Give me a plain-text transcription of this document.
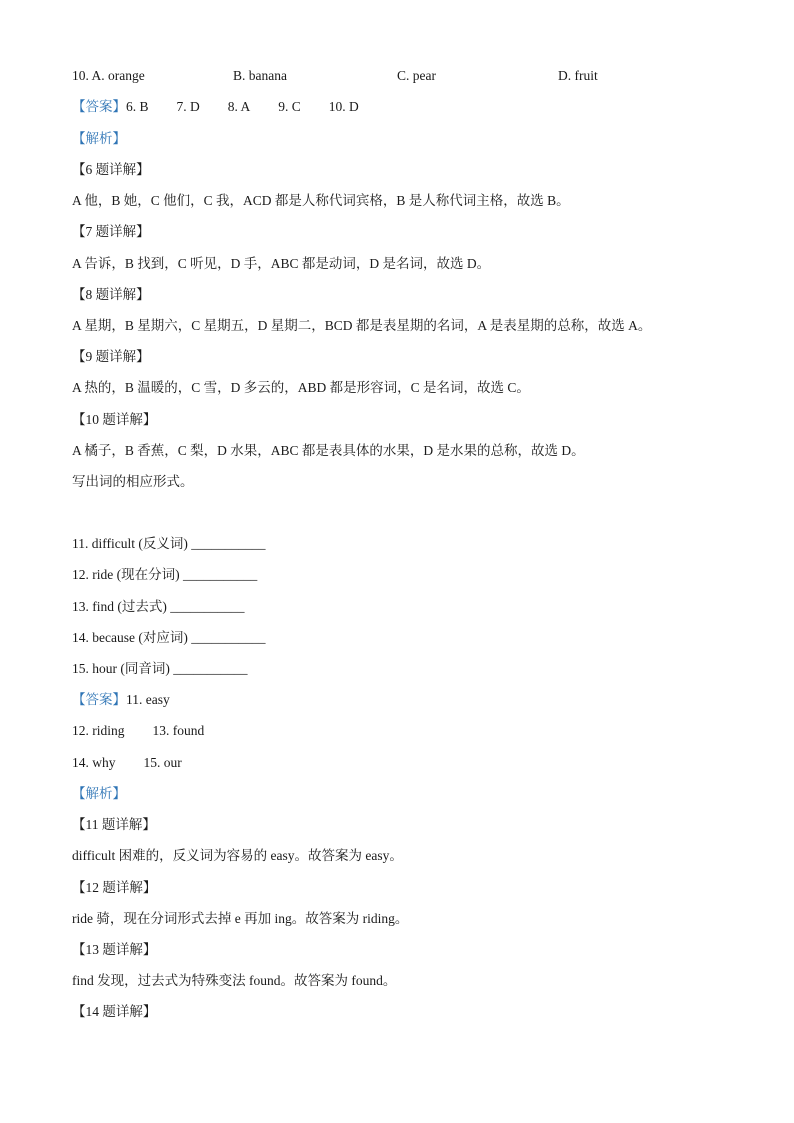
10. A. orange	B. banana	C. pear	D. fruit
【答案】6. B 7. D 8. A 9. C 10. D
【解析】
【6 题详解】
A 他，B 她，C 他们，C 我，ACD 都是人称代词宾格，B 是人称代词主格，故选 B。
【7 题详解】
A 告诉，B 找到，C 听见，D 手，ABC 都是动词，D 是名词，故选 D。
【8 题详解】
A 星期，B 星期六，C 星期五，D 星期二，BCD 都是表星期的名词，A 是表星期的总称，故选 A。
【9 题详解】
A 热的，B 温暖的，C 雪，D 多云的，ABD 都是形容词，C 是名词，故选 C。
【10 题详解】
A 橘子，B 香蕉，C 梨，D 水果，ABC 都是表具体的水果，D 是水果的总称，故选 D。
写出词的相应形式。
11. difficult (反义词) ___________
12. ride (现在分词) ___________
13. find (过去式) ___________
14. because (对应词) ___________
15. hour (同音词) ___________
【答案】11. easy
12. riding 13. found
14. why 15. our
【解析】
【11 题详解】
difficult 困难的，反义词为容易的 easy。故答案为 easy。
【12 题详解】
ride 骑，现在分词形式去掉 e 再加 ing。故答案为 riding。
【13 题详解】
find 发现，过去式为特殊变法 found。故答案为 found。
【14 题详解】
